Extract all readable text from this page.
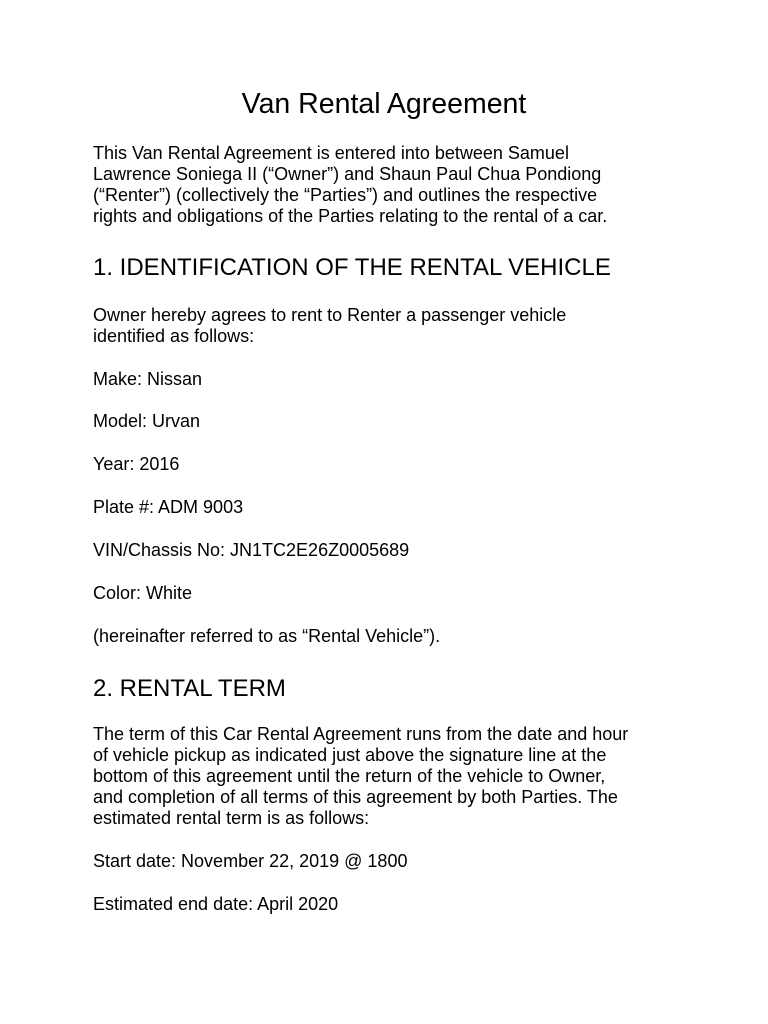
Van Rental Agreement

This Van Rental Agreement is entered into between Samuel

Lawrence Soniega II (“Owner”) and Shaun Paul Chua Pondiong

(“Renter”) (collectively the “Parties”) and outlines the respective

rights and obligations of the Parties relating to the rental of a car.

1. IDENTIFICATION OF THE RENTAL VEHICLE

Owner hereby agrees to rent to Renter a passenger vehicle

identified as follows:

Make: Nissan

Model: Urvan

Year: 2016

Plate #: ADM 9003

VIN/Chassis No: JN1TC2E26Z0005689

Color: White

(hereinafter referred to as “Rental Vehicle”).

2. RENTAL TERM

The term of this Car Rental Agreement runs from the date and hour

of vehicle pickup as indicated just above the signature line at the

bottom of this agreement until the return of the vehicle to Owner,

and completion of all terms of this agreement by both Parties. The

estimated rental term is as follows:

Start date: November 22, 2019 @ 1800

Estimated end date: April 2020
